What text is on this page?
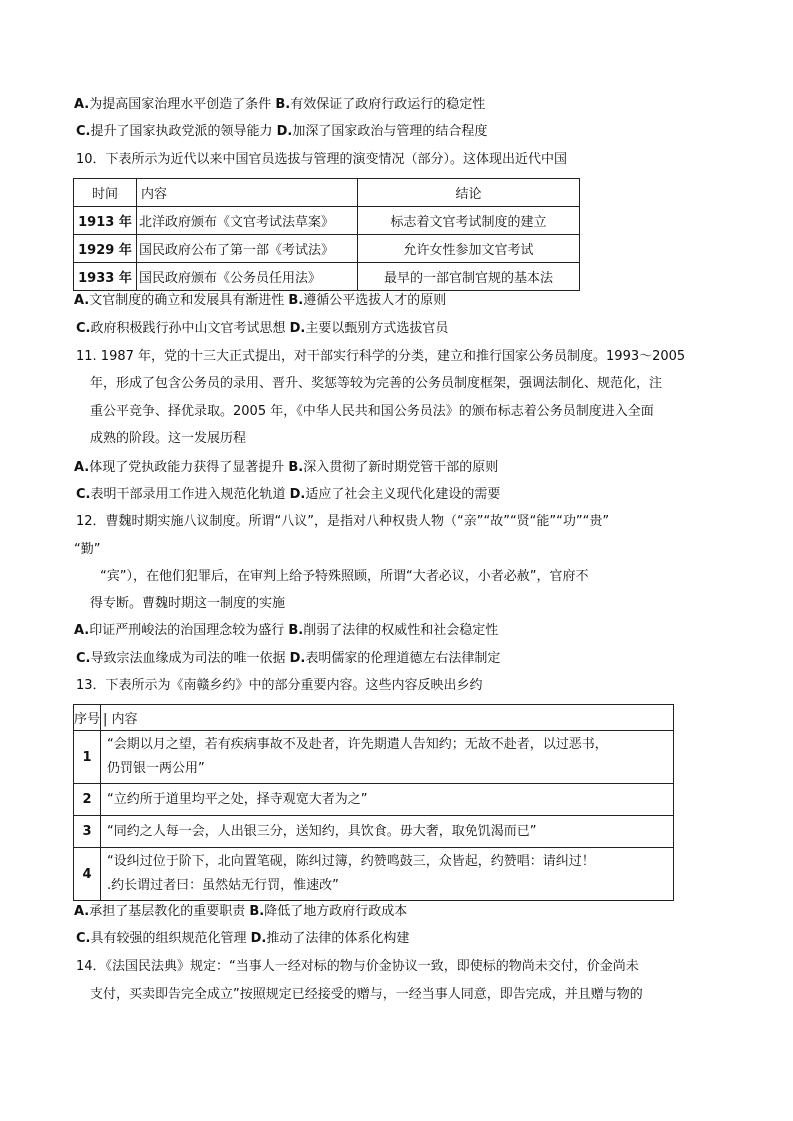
A.为提高国家治理水平创造了条件 B.有效保证了政府行政运行的稳定性
C.提升了国家执政党派的领导能力 D.加深了国家政治与管理的结合程度
10．下表所示为近代以来中国官员选拔与管理的演变情况（部分）。这体现出近代中国
时间	内容	结论
1913 年	北洋政府颁布《文官考试法草案》	标志着文官考试制度的建立
1929 年	国民政府公布了第一部《考试法》	允许女性参加文官考试
1933 年	国民政府颁布《公务员任用法》	最早的一部官制官规的基本法
A.文官制度的确立和发展具有渐进性 B.遵循公平选拔人才的原则
C.政府积极践行孙中山文官考试思想 D.主要以甄别方式选拔官员
11. 1987 年，党的十三大正式提出，对干部实行科学的分类，建立和推行国家公务员制度。1993～2005
年，形成了包含公务员的录用、晋升、奖惩等较为完善的公务员制度框架，强调法制化、规范化，注
重公平竞争、择优录取。2005 年，《中华人民共和国公务员法》的颁布标志着公务员制度进入全面
成熟的阶段。这一发展历程
A.体现了党执政能力获得了显著提升 B.深入贯彻了新时期党管干部的原则
C.表明干部录用工作进入规范化轨道 D.适应了社会主义现代化建设的需要
12．曹魏时期实施八议制度。所谓“八议”，是指对八种权贵人物（“亲”“故”“贤“能”“功”“贵”
“勤”
“宾”），在他们犯罪后，在审判上给予特殊照顾，所谓“大者必议，小者必赦”，官府不
得专断。曹魏时期这一制度的实施
A.印证严刑峻法的治国理念较为盛行 B.削弱了法律的权威性和社会稳定性
C.导致宗法血缘成为司法的唯一依据 D.表明儒家的伦理道德左右法律制定
13．下表所示为《南赣乡约》中的部分重要内容。这些内容反映出乡约
序号	| 内容
1	“会期以月之望，若有疾病事故不及赴者，许先期遣人告知约；无故不赴者，以过恶书，
仍罚银一两公用”

2	“立约所于道里均平之处，择寺观宽大者为之”
3	“同约之人每一会，人出银三分，送知约，具饮食。毋大奢，取免饥渴而已”
4	“设纠过位于阶下，北向置笔砚，陈纠过簿，约赞鸣鼓三，众皆起，约赞唱：请纠过！
.约长谓过者曰：虽然姑无行罚，惟速改”
A.承担了基层教化的重要职责 B.降低了地方政府行政成本
C.具有较强的组织规范化管理 D.推动了法律的体系化构建
14．《法国民法典》规定：“当事人一经对标的物与价金协议一致，即使标的物尚未交付，价金尚未
支付，买卖即告完全成立”按照规定已经接受的赠与，一经当事人同意，即告完成，并且赠与物的
